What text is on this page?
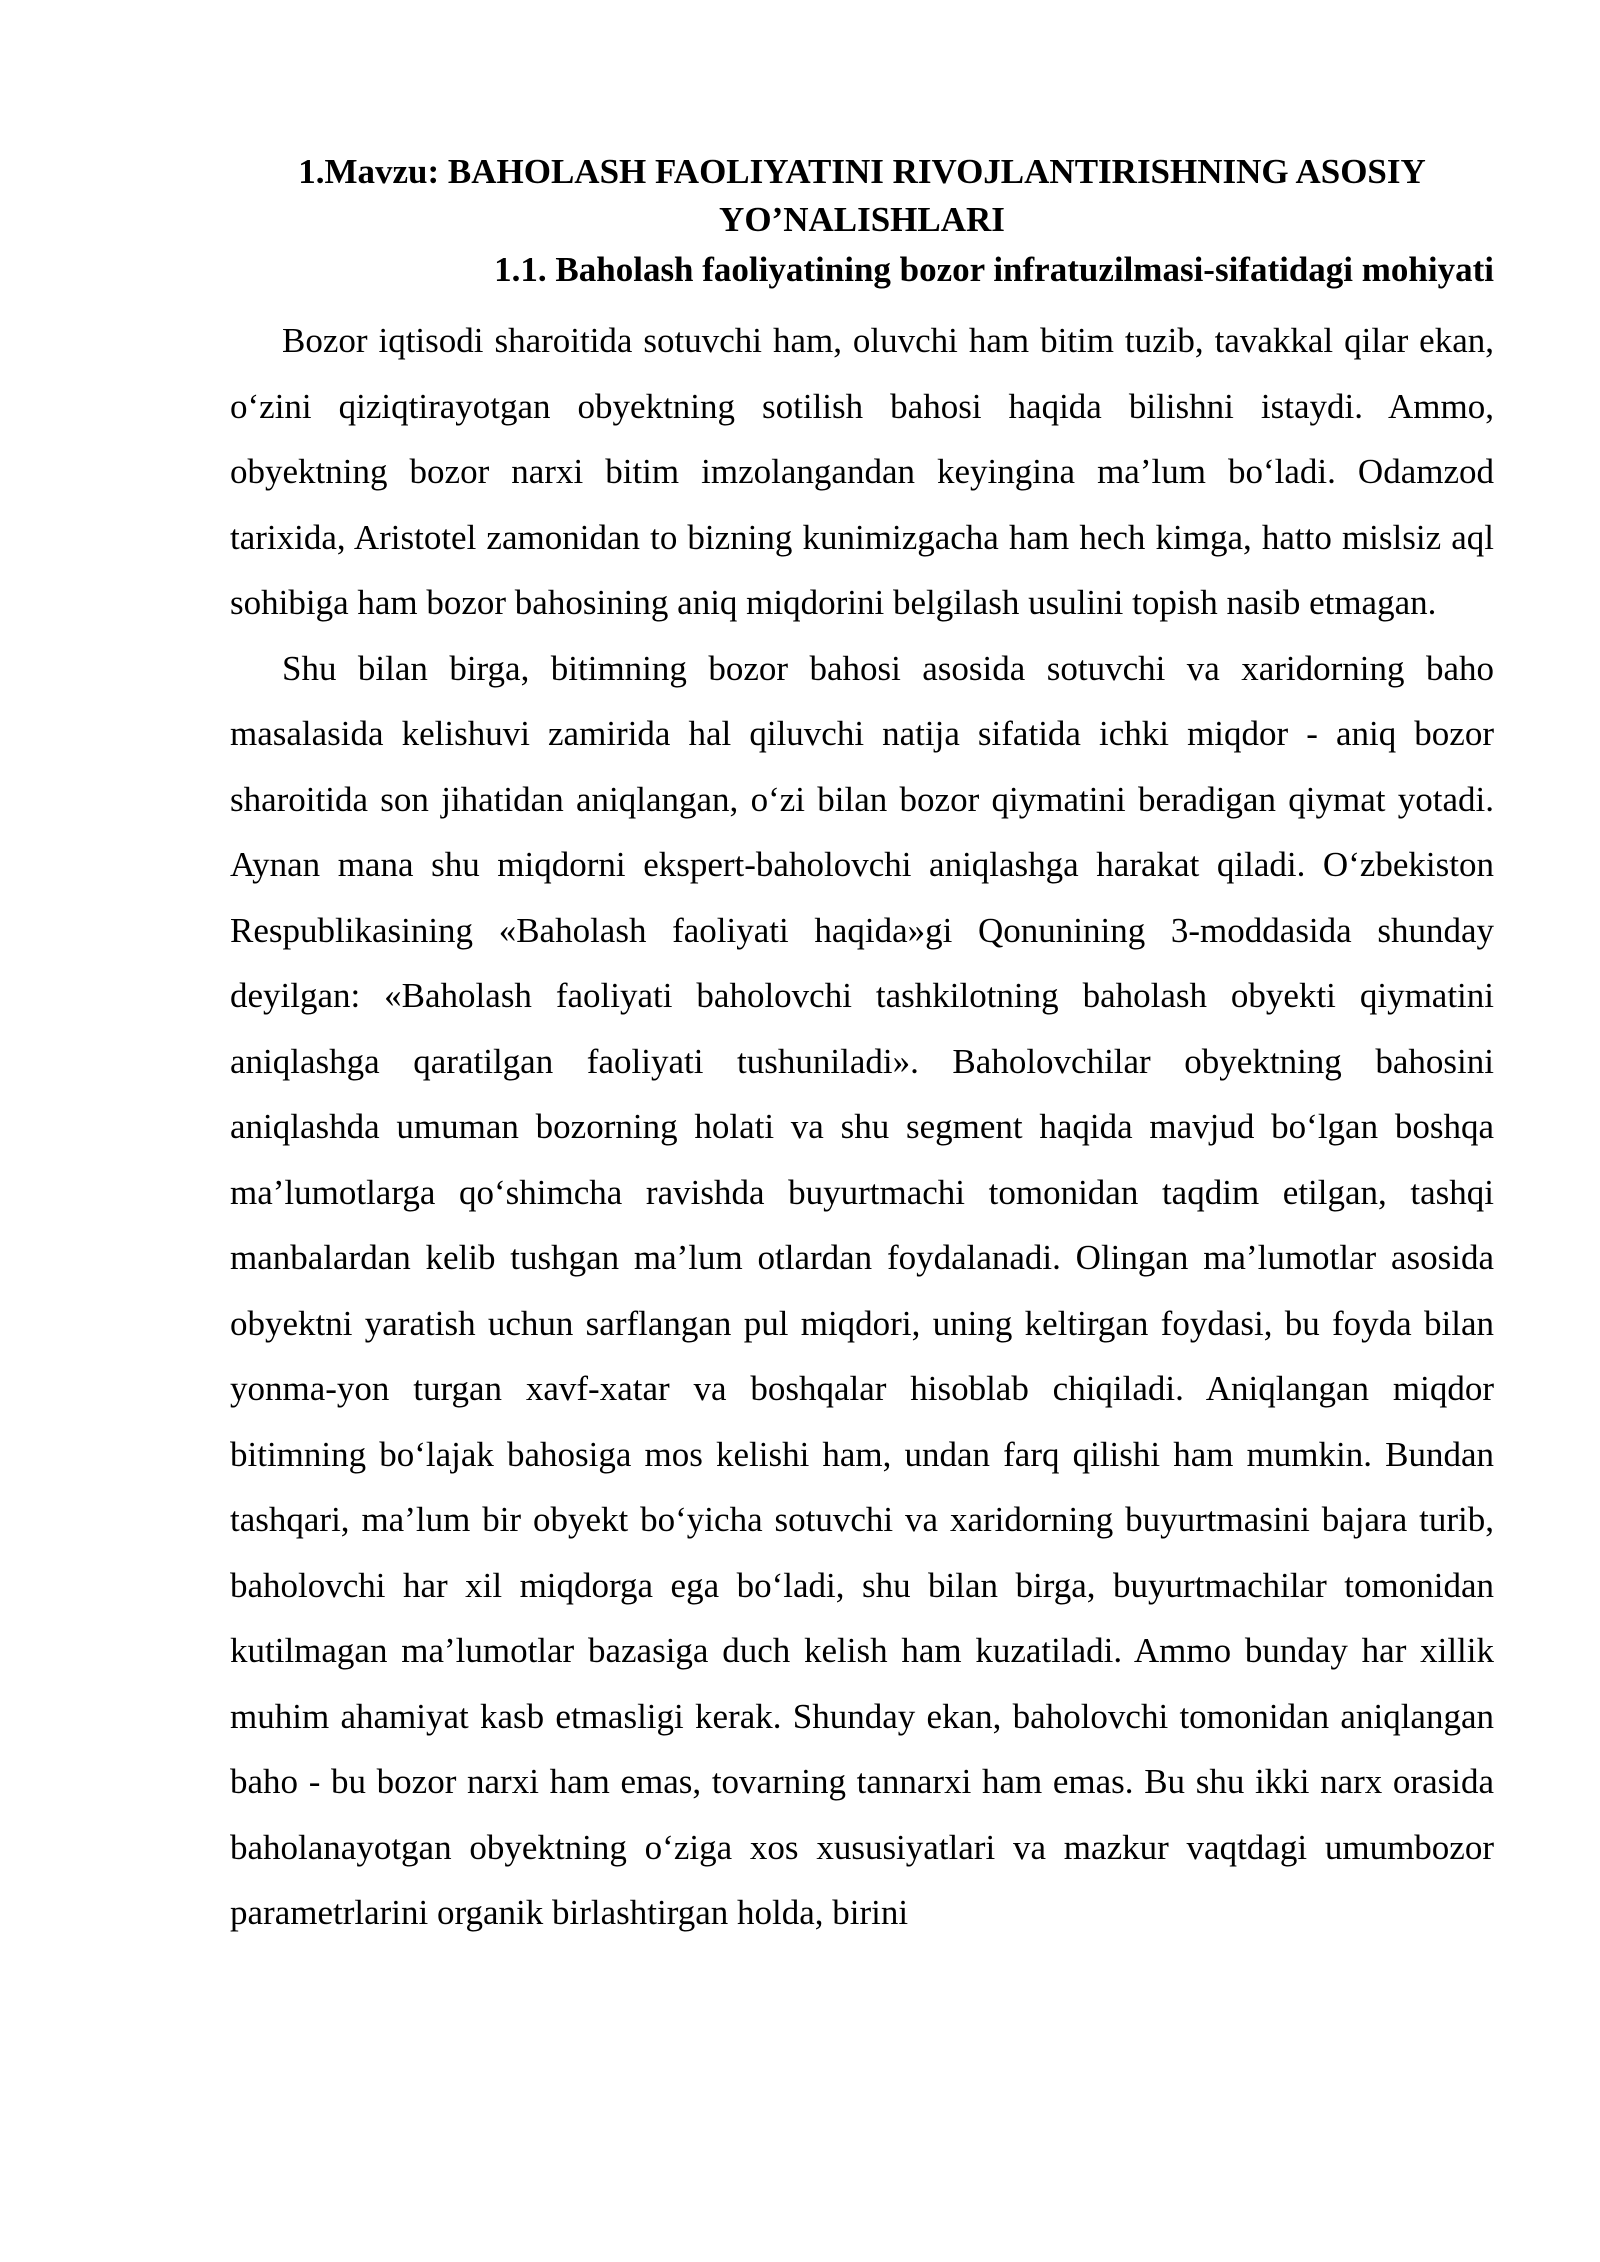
1.Mavzu: BAHOLASH FAOLIYATINI RIVOJLANTIRISHNING ASOSIY YO’NALISHLARI
1.1. Baholash faoliyatining bozor infratuzilmasi-sifatidagi mohiyati

Bozor iqtisodi sharoitida sotuvchi ham, oluvchi ham bitim tuzib, tavakkal qilar ekan, o‘zini qiziqtirayotgan obyektning sotilish bahosi haqida bilishni istaydi. Ammo, obyektning bozor narxi bitim imzolangandan keyingina ma’lum bo‘ladi. Odamzod tarixida, Aristotel zamonidan to bizning kunimizgacha ham hech kimga, hatto mislsiz aql sohibiga ham bozor bahosining aniq miqdorini belgilash usulini topish nasib etmagan.

Shu bilan birga, bitimning bozor bahosi asosida sotuvchi va xaridorning baho masalasida kelishuvi zamirida hal qiluvchi natija sifatida ichki miqdor - aniq bozor sharoitida son jihatidan aniqlangan, o‘zi bilan bozor qiymatini beradigan qiymat yotadi. Aynan mana shu miqdorni ekspert-baholovchi aniqlashga harakat qiladi. O‘zbekiston Respublikasining «Baholash faoliyati haqida»gi Qonunining 3-moddasida shunday deyilgan: «Baholash faoliyati baholovchi tashkilotning baholash obyekti qiymatini aniqlashga qaratilgan faoliyati tushuniladi». Baholovchilar obyektning bahosini aniqlashda umuman bozorning holati va shu segment haqida mavjud bo‘lgan boshqa ma’lumotlarga qo‘shimcha ravishda buyurtmachi tomonidan taqdim etilgan, tashqi manbalardan kelib tushgan ma’lum otlardan foydalanadi. Olingan ma’lumotlar asosida obyektni yaratish uchun sarflangan pul miqdori, uning keltirgan foydasi, bu foyda bilan yonma-yon turgan xavf-xatar va boshqalar hisoblab chiqiladi. Aniqlangan miqdor bitimning bo‘lajak bahosiga mos kelishi ham, undan farq qilishi ham mumkin. Bundan tashqari, ma’lum bir obyekt bo‘yicha sotuvchi va xaridorning buyurtmasini bajara turib, baholovchi har xil miqdorga ega bo‘ladi, shu bilan birga, buyurtmachilar tomonidan kutilmagan ma’lumotlar bazasiga duch kelish ham kuzatiladi. Ammo bunday har xillik muhim ahamiyat kasb etmasligi kerak. Shunday ekan, baholovchi tomonidan aniqlangan baho - bu bozor narxi ham emas, tovarning tannarxi ham emas. Bu shu ikki narx orasida baholanayotgan obyektning o‘ziga xos xususiyatlari va mazkur vaqtdagi umumbozor parametrlarini organik birlashtirgan holda, birini
